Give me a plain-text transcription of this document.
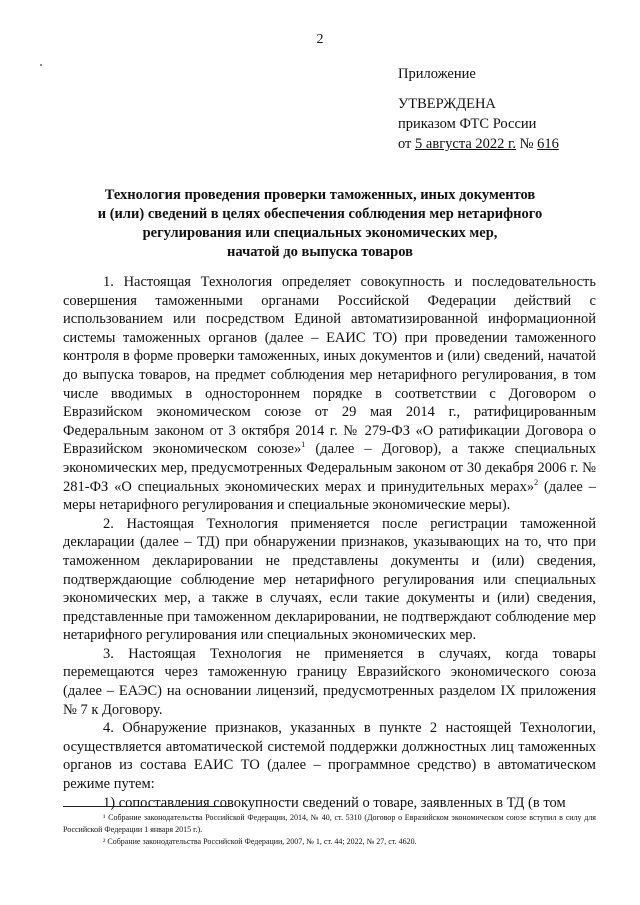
2
Приложение
УТВЕРЖДЕНА
приказом ФТС России
от 5 августа 2022 г. № 616
Технология проведения проверки таможенных, иных документов
и (или) сведений в целях обеспечения соблюдения мер нетарифного
регулирования или специальных экономических мер,
начатой до выпуска товаров

1. Настоящая Технология определяет совокупность и последовательность совершения таможенными органами Российской Федерации действий с использованием или посредством Единой автоматизированной информационной системы таможенных органов (далее – ЕАИС ТО) при проведении таможенного контроля в форме проверки таможенных, иных документов и (или) сведений, начатой до выпуска товаров, на предмет соблюдения мер нетарифного регулирования, в том числе вводимых в одностороннем порядке в соответствии с Договором о Евразийском экономическом союзе от 29 мая 2014 г., ратифицированным Федеральным законом от 3 октября 2014 г. № 279-ФЗ «О ратификации Договора о Евразийском экономическом союзе»$^1$ (далее – Договор), а также специальных экономических мер, предусмотренных Федеральным законом от 30 декабря 2006 г. № 281-ФЗ «О специальных экономических мерах и принудительных мерах»$^2$ (далее – меры нетарифного регулирования и специальные экономические меры).

2. Настоящая Технология применяется после регистрации таможенной декларации (далее – ТД) при обнаружении признаков, указывающих на то, что при таможенном декларировании не представлены документы и (или) сведения, подтверждающие соблюдение мер нетарифного регулирования или специальных экономических мер, а также в случаях, если такие документы и (или) сведения, представленные при таможенном декларировании, не подтверждают соблюдение мер нетарифного регулирования или специальных экономических мер.

3. Настоящая Технология не применяется в случаях, когда товары перемещаются через таможенную границу Евразийского экономического союза (далее – ЕАЭС) на основании лицензий, предусмотренных разделом IX приложения № 7 к Договору.

4. Обнаружение признаков, указанных в пункте 2 настоящей Технологии, осуществляется автоматической системой поддержки должностных лиц таможенных органов из состава ЕАИС ТО (далее – программное средство) в автоматическом режиме путем:

1) сопоставления совокупности сведений о товаре, заявленных в ТД (в том

¹ Собрание законодательства Российской Федерации, 2014, № 40, ст. 5310 (Договор о Евразийском экономическом союзе вступил в силу для Российской Федерации 1 января 2015 г.).

² Собрание законодательства Российской Федерации, 2007, № 1, ст. 44; 2022, № 27, ст. 4620.
